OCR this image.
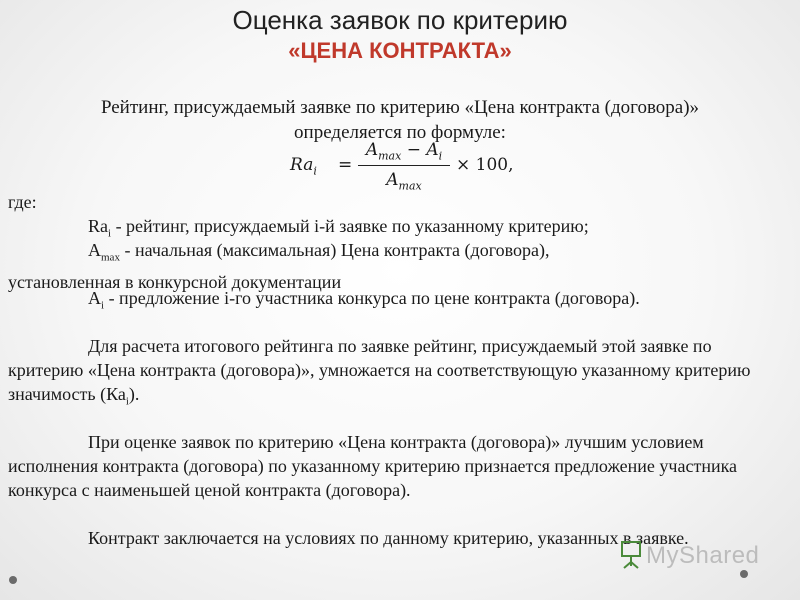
Оценка заявок по критерию
«ЦЕНА КОНТРАКТА»
Рейтинг, присуждаемый заявке по критерию «Цена контракта (договора)»
определяется по формуле:
$Ra_i$ =
$A_{max} - A_i$
$A_{max}$
× 100,
где:
$Ra_i$ - рейтинг, присуждаемый i-й заявке по указанному критерию;
$А_{max}$ - начальная (максимальная) Цена контракта (договора),
установленная в конкурсной документации
$А_i$ - предложение i-го участника конкурса по цене контракта (договора).
Для расчета итогового рейтинга по заявке рейтинг, присуждаемый этой заявке по критерию «Цена контракта (договора)», умножается на соответствующую указанному критерию значимость $(Ка_i)$.
При оценке заявок по критерию «Цена контракта (договора)» лучшим условием исполнения контракта (договора) по указанному критерию признается предложение участника конкурса с наименьшей ценой контракта (договора).
Контракт заключается на условиях по данному критерию, указанных в заявке.
MyShared
